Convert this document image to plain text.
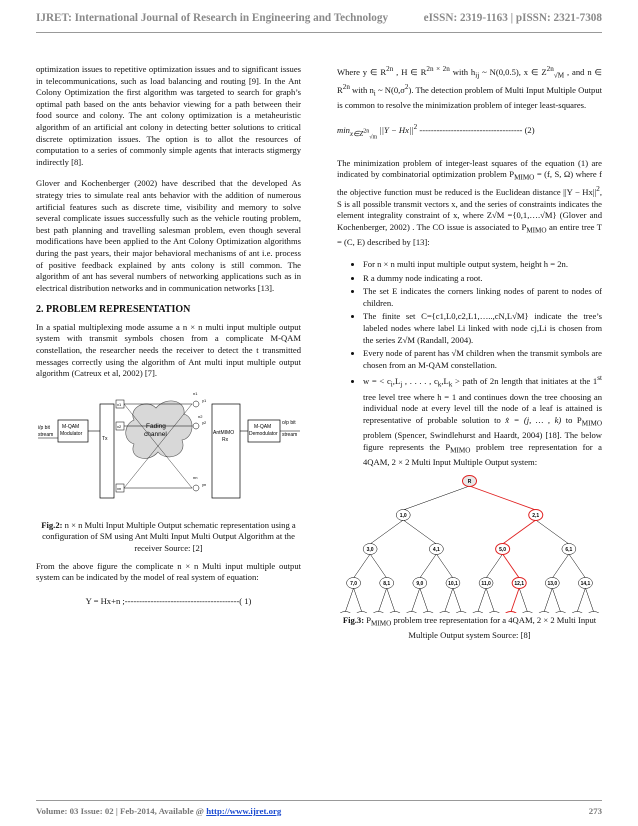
IJRET: International Journal of Research in Engineering and Technology	eISSN: 2319-1163 | pISSN: 2321-7308

optimization issues to repetitive optimization issues and to significant issues in telecommunications, such as load balancing and routing [9]. In the Ant Colony Optimization the first algorithm was targeted to search for graph’s optimal path based on the ants behavior viewing for a path between their food source and colony. The ant colony optimization is a metaheuristic algorithm of an artificial ant colony in detecting better solutions to critical discrete optimization issues. The option is to allot the resources of computation to a series of commonly simple agents that interacts stigmergy indirectly [8].

Glover and Kochenberger (2002) have described that the developed As strategy tries to simulate real ants behavior with the addition of numerous artificial features such as discrete time, visibility and memory to solve several complicate issues successfully such as the vehicle routing problem, best path planning and travelling salesman problem, even though several modifications have been applied to the Ant Colony Optimization algorithms during the past years, their major behavioral mechanisms of ant i.e. process of positive feedback explained by ants colony is still common. The algorithm of ant has several numbers of networking applications such as in electrical distribution networks and in communication networks [13].

2. PROBLEM REPRESENTATION

In a spatial multiplexing mode assume a n × n multi input multiple output system with transmit symbols chosen from a complicate M-QAM constellation, the researcher needs the receiver to detect the t transmitted messages correctly using the algorithm of Ant multi input multiple output algorithm (Catreux et al, 2002) [7].

i/p bit
stream
M-QAM
Modulator
Tx
x1
x2
xn
Fading
channel
n1
n2
nn
y1
y2
yn
AntMIMO
Rx
M-QAM
Demodulator
o/p bit
stream

Fig.2: n × n Multi Input Multiple Output schematic representation using a configuration of SM using Ant Multi Input Multi Output Algorithm at the receiver Source: [2]

From the above figure the complicate n × n Multi input multiple output system can be indicated by the model of real system of equation:

Y = Hx+n ;----------------------------------------( 1)

Where y ∈ $R^{2n}$ , H ∈ $R^{2n \times 2n}$ with $h_{ij}$ ~ N(0,0.5), x ∈ $Z^{2n}_{√M}$ , and n ∈ $R^{2n}$ with $n_i$ ~ $N(0,\sigma^2)$. The detection problem of Multi Input Multiple Output is common to resolve the minimization problem of integer least-squares.

$\min_{x\in Z^{2n}_{√m}} ||Y - Hx||^2$ ------------------------------------ (2)

The minimization problem of integer-least squares of the equation (1) are indicated by combinatorial optimization problem $P_{MIMO} = (f$, S, Ω) where f the objective function must be reduced is the Euclidean distance $||Y - Hx||^2$, S is all possible transmit vectors x, and the series of constraints indicates the element integrality constraint of x, where Z√M ={0,1,….√M} (Glover and Kochenberger, 2002) . The CO issue is associated to $P_{MIMO}$ an entire tree T = (C, E) described by [13]:

• For n × n multi input multiple output system, height h = 2n.
• R a dummy node indicating a root.
• The set E indicates the corners linking nodes of parent to nodes of children.
• The finite set C={c1,L0,c2,L1,…..,cN,L√M} indicate the tree’s labeled nodes where label Li linked with node cj,Li is chosen from the series Z√M (Randall, 2004).
• Every node of parent has √M children when the transmit symbols are chosen from an M-QAM constellation.
• w = < $c_i,L_j$ , . . . . , $c_k,L_k$ > path of 2n length that initiates at the 1st tree level tree where h = 1 and continues down the tree choosing an individual node at every level till the node of a leaf is attained is representative of probable solution to x̂ = (j, … , k) to $P_{MIMO}$ problem (Spencer, Swindlehurst and Haardt, 2004) [18]. The below figure represents the $P_{MIMO}$ problem tree representation for a 4QAM, 2 × 2 Multi Input Multiple Output system:
R
1,0	2,1
3,0	4,1	5,0	6,1
7,0	8,1	9,0	10,1	11,0	12,1	13,0	14,1

Fig.3: $P_{MIMO}$ problem tree representation for a 4QAM, 2 × 2 Multi Input Multiple Output system Source: [8]

Volume: 03 Issue: 02 | Feb-2014, Available @ http://www.ijret.org	273
